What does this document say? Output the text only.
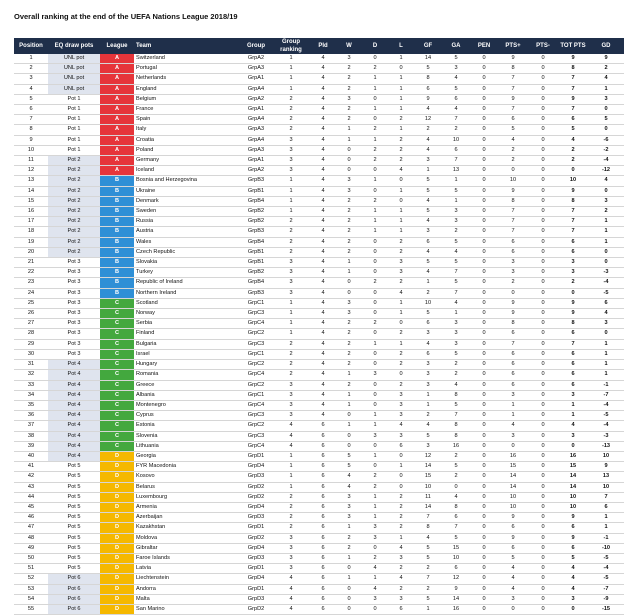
Overall ranking at the end of the UEFA Nations League 2018/19
Position	EQ draw pots	League	Team	Group	Group ranking	Pld	W	D	L	GF	GA	PEN	PTS+	PTS-	TOT PTS	GD

1	UNL pot	A	Switzerland	GrpA2	1	4	3	0	1	14	5	0	9	0	9	9
2	UNL pot	A	Portugal	GrpA3	1	4	2	2	0	5	3	0	8	0	8	2
3	UNL pot	A	Netherlands	GrpA1	1	4	2	1	1	8	4	0	7	0	7	4
4	UNL pot	A	England	GrpA4	1	4	2	1	1	6	5	0	7	0	7	1
5	Pot 1	A	Belgium	GrpA2	2	4	3	0	1	9	6	0	9	0	9	3
6	Pot 1	A	France	GrpA1	2	4	2	1	1	4	4	0	7	0	7	0
7	Pot 1	A	Spain	GrpA4	2	4	2	0	2	12	7	0	6	0	6	5
8	Pot 1	A	Italy	GrpA3	2	4	1	2	1	2	2	0	5	0	5	0
9	Pot 1	A	Croatia	GrpA4	3	4	1	1	2	4	10	0	4	0	4	-6
10	Pot 1	A	Poland	GrpA3	3	4	0	2	2	4	6	0	2	0	2	-2
11	Pot 2	A	Germany	GrpA1	3	4	0	2	2	3	7	0	2	0	2	-4
12	Pot 2	A	Iceland	GrpA2	3	4	0	0	4	1	13	0	0	0	0	-12
13	Pot 2	B	Bosnia and Herzegovina	GrpB3	1	4	3	1	0	5	1	0	10	0	10	4
14	Pot 2	B	Ukraine	GrpB1	1	4	3	0	1	5	5	0	9	0	9	0
15	Pot 2	B	Denmark	GrpB4	1	4	2	2	0	4	1	0	8	0	8	3
16	Pot 2	B	Sweden	GrpB2	1	4	2	1	1	5	3	0	7	0	7	2
17	Pot 2	B	Russia	GrpB2	2	4	2	1	1	4	3	0	7	0	7	1
18	Pot 2	B	Austria	GrpB3	2	4	2	1	1	3	2	0	7	0	7	1
19	Pot 2	B	Wales	GrpB4	2	4	2	0	2	6	5	0	6	0	6	1
20	Pot 2	B	Czech Republic	GrpB1	2	4	2	0	2	4	4	0	6	0	6	0
21	Pot 3	B	Slovakia	GrpB1	3	4	1	0	3	5	5	0	3	0	3	0
22	Pot 3	B	Turkey	GrpB2	3	4	1	0	3	4	7	0	3	0	3	-3
23	Pot 3	B	Republic of Ireland	GrpB4	3	4	0	2	2	1	5	0	2	0	2	-4
24	Pot 3	B	Northern Ireland	GrpB3	3	4	0	0	4	2	7	0	0	0	0	-5
25	Pot 3	C	Scotland	GrpC1	1	4	3	0	1	10	4	0	9	0	9	6
26	Pot 3	C	Norway	GrpC3	1	4	3	0	1	5	1	0	9	0	9	4
27	Pot 3	C	Serbia	GrpC4	1	4	2	2	0	6	3	0	8	0	8	3
28	Pot 3	C	Finland	GrpC2	1	4	2	0	2	3	3	0	6	0	6	0
29	Pot 3	C	Bulgaria	GrpC3	2	4	2	1	1	4	3	0	7	0	7	1
30	Pot 3	C	Israel	GrpC1	2	4	2	0	2	6	5	0	6	0	6	1
31	Pot 4	C	Hungary	GrpC2	2	4	2	0	2	3	2	0	6	0	6	1
32	Pot 4	C	Romania	GrpC4	2	4	1	3	0	3	2	0	6	0	6	1
33	Pot 4	C	Greece	GrpC2	3	4	2	0	2	3	4	0	6	0	6	-1
34	Pot 4	C	Albania	GrpC1	3	4	1	0	3	1	8	0	3	0	3	-7
35	Pot 4	C	Montenegro	GrpC4	3	4	1	0	3	1	5	0	1	0	1	-4
36	Pot 4	C	Cyprus	GrpC3	3	4	0	1	3	2	7	0	1	0	1	-5
37	Pot 4	C	Estonia	GrpC2	4	6	1	1	4	4	8	0	4	0	4	-4
38	Pot 4	C	Slovenia	GrpC3	4	6	0	3	3	5	8	0	3	0	3	-3
39	Pot 4	C	Lithuania	GrpC4	4	6	0	0	6	3	16	0	0	0	0	-13
40	Pot 4	D	Georgia	GrpD1	1	6	5	1	0	12	2	0	16	0	16	10
41	Pot 5	D	FYR Macedonia	GrpD4	1	6	5	0	1	14	5	0	15	0	15	9
42	Pot 5	D	Kosovo	GrpD3	1	6	4	2	0	15	2	0	14	0	14	13
43	Pot 5	D	Belarus	GrpD2	1	6	4	2	0	10	0	0	14	0	14	10
44	Pot 5	D	Luxembourg	GrpD2	2	6	3	1	2	11	4	0	10	0	10	7
45	Pot 5	D	Armenia	GrpD4	2	6	3	1	2	14	8	0	10	0	10	6
46	Pot 5	D	Azerbaijan	GrpD3	2	6	3	1	2	7	6	0	9	0	9	1
47	Pot 5	D	Kazakhstan	GrpD1	2	6	1	3	2	8	7	0	6	0	6	1
48	Pot 5	D	Moldova	GrpD2	3	6	2	3	1	4	5	0	9	0	9	-1
49	Pot 5	D	Gibraltar	GrpD4	3	6	2	0	4	5	15	0	6	0	6	-10
50	Pot 5	D	Faroe Islands	GrpD3	3	6	1	2	3	5	10	0	5	0	5	-5
51	Pot 5	D	Latvia	GrpD1	3	6	0	4	2	2	6	0	4	0	4	-4
52	Pot 6	D	Liechtenstein	GrpD4	4	6	1	1	4	7	12	0	4	0	4	-5
53	Pot 6	D	Andorra	GrpD1	4	6	0	4	2	2	9	0	4	0	4	-7
54	Pot 6	D	Malta	GrpD3	4	6	0	3	3	5	14	0	3	0	3	-9
55	Pot 6	D	San Marino	GrpD2	4	6	0	0	6	1	16	0	0	0	0	-15
